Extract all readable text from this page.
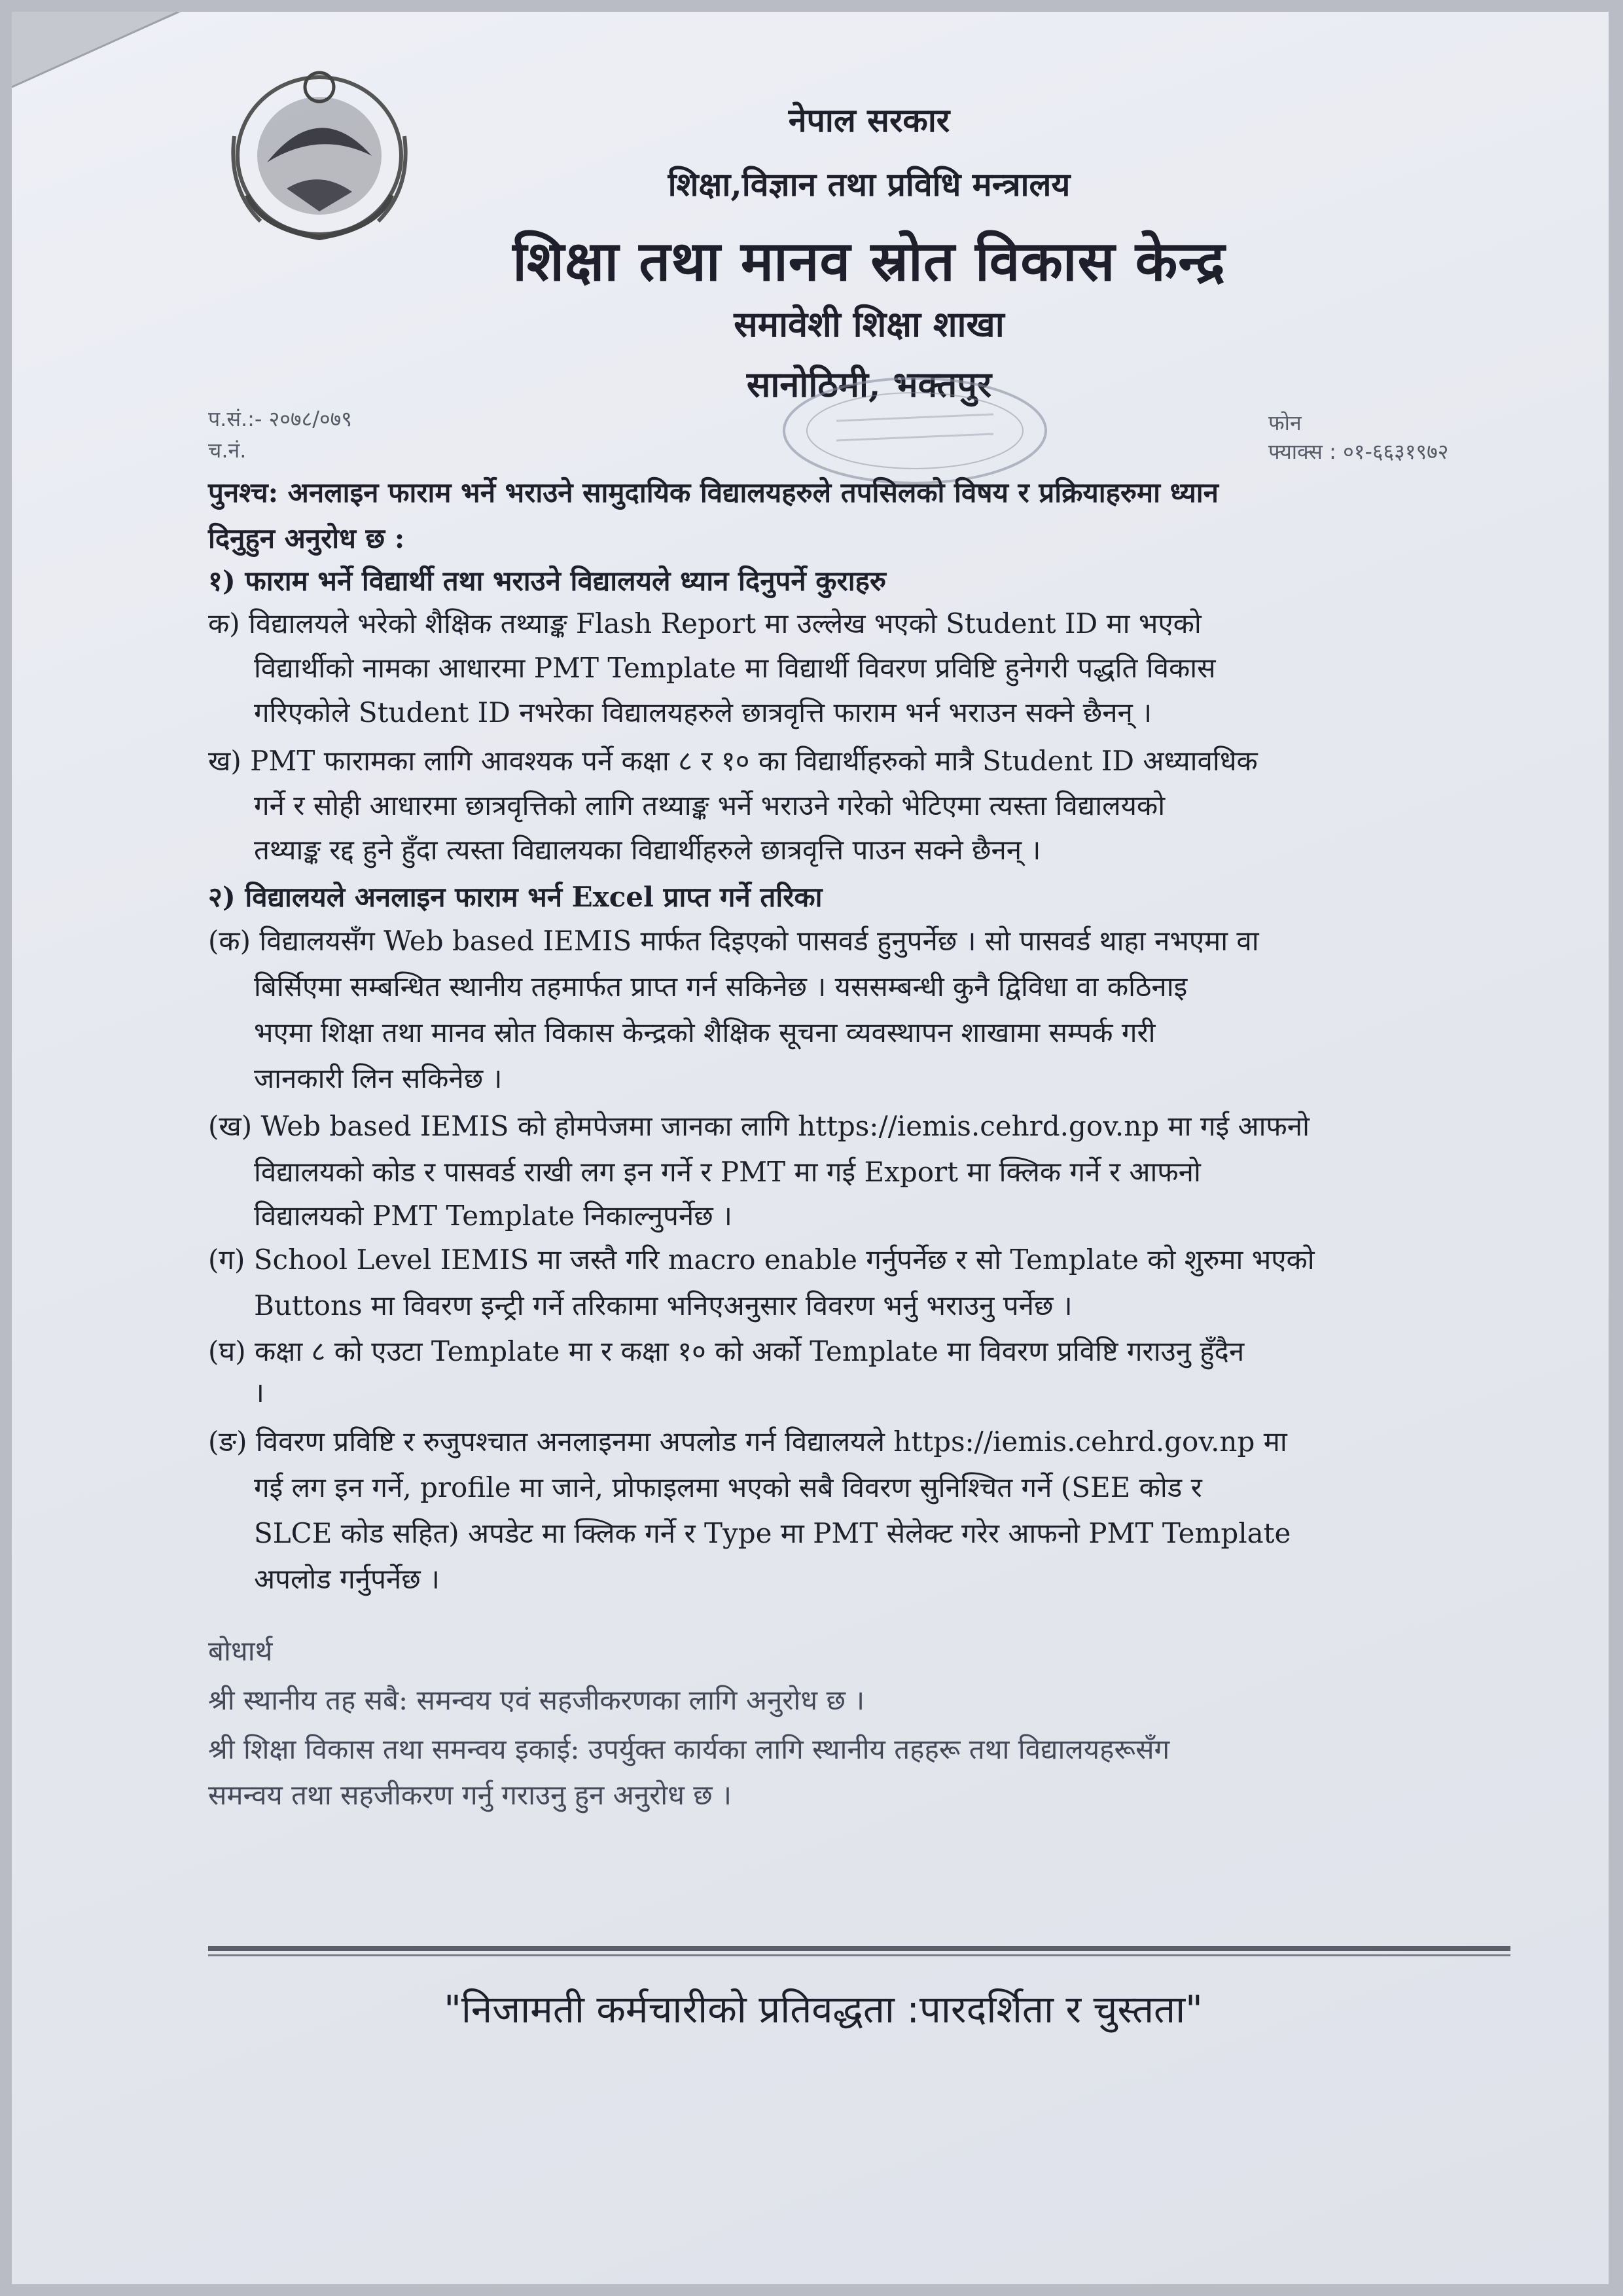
नेपाल सरकार
शिक्षा,विज्ञान तथा प्रविधि मन्त्रालय
शिक्षा तथा मानव स्रोत विकास केन्द्र
समावेशी शिक्षा शाखा
सानोठिमी, भक्तपुर
प.सं.:- २०७८/०७९
च.नं.
फोन
फ्याक्स : ०१-६६३१९७२
पुनश्च: अनलाइन फाराम भर्ने भराउने सामुदायिक विद्यालयहरुले तपसिलको विषय र प्रक्रियाहरुमा ध्यान
दिनुहुन अनुरोध छ :
१) फाराम भर्ने विद्यार्थी तथा भराउने विद्यालयले ध्यान दिनुपर्ने कुराहरु
क) विद्यालयले भरेको शैक्षिक तथ्याङ्क Flash Report मा उल्लेख भएको Student ID मा भएको
विद्यार्थीको नामका आधारमा PMT Template मा विद्यार्थी विवरण प्रविष्टि हुनेगरी पद्धति विकास
गरिएकोले Student ID नभरेका विद्यालयहरुले छात्रवृत्ति फाराम भर्न भराउन सक्ने छैनन् ।
ख) PMT फारामका लागि आवश्यक पर्ने कक्षा ८ र १० का विद्यार्थीहरुको मात्रै Student ID अध्यावधिक
गर्ने र सोही आधारमा छात्रवृत्तिको लागि तथ्याङ्क भर्ने भराउने गरेको भेटिएमा त्यस्ता विद्यालयको
तथ्याङ्क रद्द हुने हुँदा त्यस्ता विद्यालयका विद्यार्थीहरुले छात्रवृत्ति पाउन सक्ने छैनन् ।
२) विद्यालयले अनलाइन फाराम भर्न Excel प्राप्त गर्ने तरिका
(क) विद्यालयसँग Web based IEMIS मार्फत दिइएको पासवर्ड हुनुपर्नेछ । सो पासवर्ड थाहा नभएमा वा
बिर्सिएमा सम्बन्धित स्थानीय तहमार्फत प्राप्त गर्न सकिनेछ । यससम्बन्धी कुनै द्विविधा वा कठिनाइ
भएमा शिक्षा तथा मानव स्रोत विकास केन्द्रको शैक्षिक सूचना व्यवस्थापन शाखामा सम्पर्क गरी
जानकारी लिन सकिनेछ ।
(ख) Web based IEMIS को होमपेजमा जानका लागि https://iemis.cehrd.gov.np मा गई आफनो
विद्यालयको कोड र पासवर्ड राखी लग इन गर्ने र PMT मा गई Export मा क्लिक गर्ने र आफनो
विद्यालयको PMT Template निकाल्नुपर्नेछ ।
(ग) School Level IEMIS मा जस्तै गरि macro enable गर्नुपर्नेछ र सो Template को शुरुमा भएको
Buttons मा विवरण इन्ट्री गर्ने तरिकामा भनिएअनुसार विवरण भर्नु भराउनु पर्नेछ ।
(घ) कक्षा ८ को एउटा Template मा र कक्षा १० को अर्को Template मा विवरण प्रविष्टि गराउनु हुँदैन
।
(ङ) विवरण प्रविष्टि र रुजुपश्चात अनलाइनमा अपलोड गर्न विद्यालयले https://iemis.cehrd.gov.np मा
गई लग इन गर्ने, profile मा जाने, प्रोफाइलमा भएको सबै विवरण सुनिश्चित गर्ने (SEE कोड र
SLCE कोड सहित) अपडेट मा क्लिक गर्ने र Type मा PMT सेलेक्ट गरेर आफनो PMT Template
अपलोड गर्नुपर्नेछ ।
बोधार्थ
श्री स्थानीय तह सबै: समन्वय एवं सहजीकरणका लागि अनुरोध छ ।
श्री शिक्षा विकास तथा समन्वय इकाई: उपर्युक्त कार्यका लागि स्थानीय तहहरू तथा विद्यालयहरूसँग
समन्वय तथा सहजीकरण गर्नु गराउनु हुन अनुरोध छ ।
"निजामती कर्मचारीको प्रतिवद्धता :पारदर्शिता र चुस्तता"
